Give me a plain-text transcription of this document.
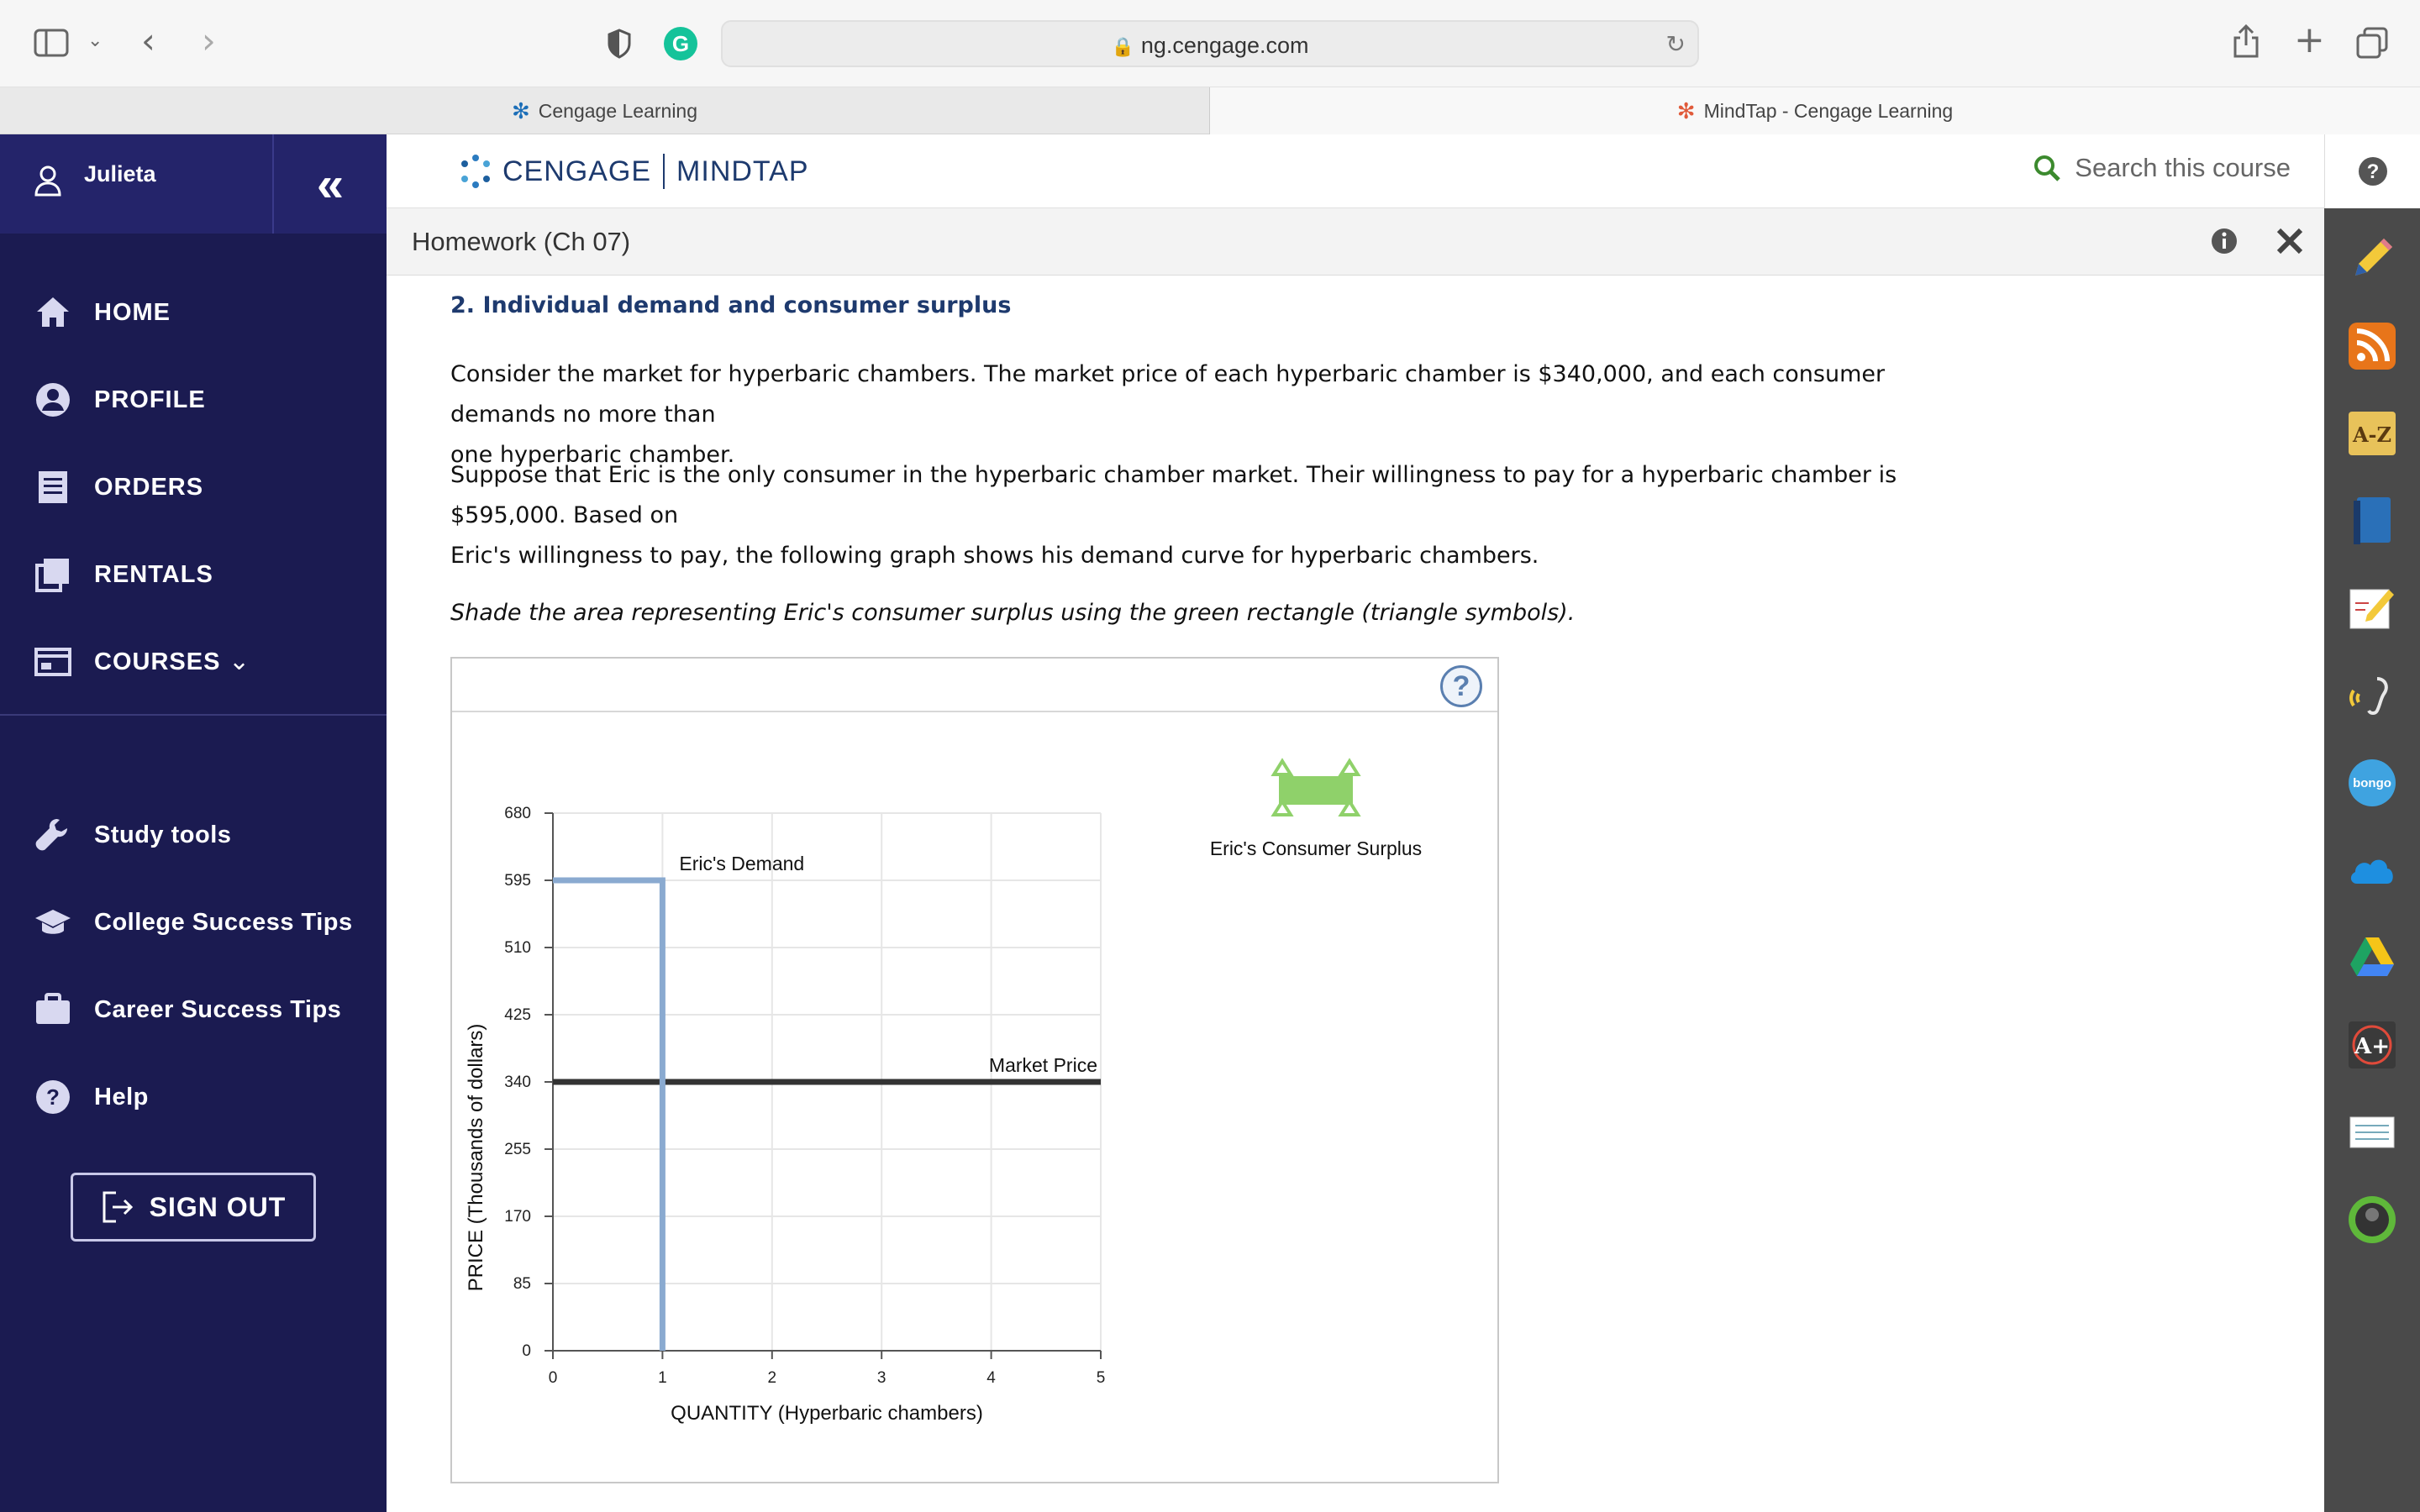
⌄ ‹ ›	G	🔒 ng.cengage.com	↻	+
✻ Cengage Learning	✻ MindTap - Cengage Learning
Julieta	«
HOME
PROFILE
ORDERS
RENTALS
COURSES ⌄
Study tools
College Success Tips
Career Success Tips
? Help
SIGN OUT
CENGAGE MINDTAP	Search this course	?
Homework (Ch 07)
A-Z
bongo
A+
2. Individual demand and consumer surplus
Consider the market for hyperbaric chambers. The market price of each hyperbaric chamber is $340,000, and each consumer demands no more than
one hyperbaric chamber.
Suppose that Eric is the only consumer in the hyperbaric chamber market. Their willingness to pay for a hyperbaric chamber is $595,000. Based on
Eric's willingness to pay, the following graph shows his demand curve for hyperbaric chambers.
Shade the area representing Eric's consumer surplus using the green rectangle (triangle symbols).
?
0	1	2	3	4	5
0
85
170
255
340
425
510
595
680
QUANTITY (Hyperbaric chambers)
PRICE (Thousands of dollars)
Eric's Demand
Market Price
Eric's Consumer Surplus
